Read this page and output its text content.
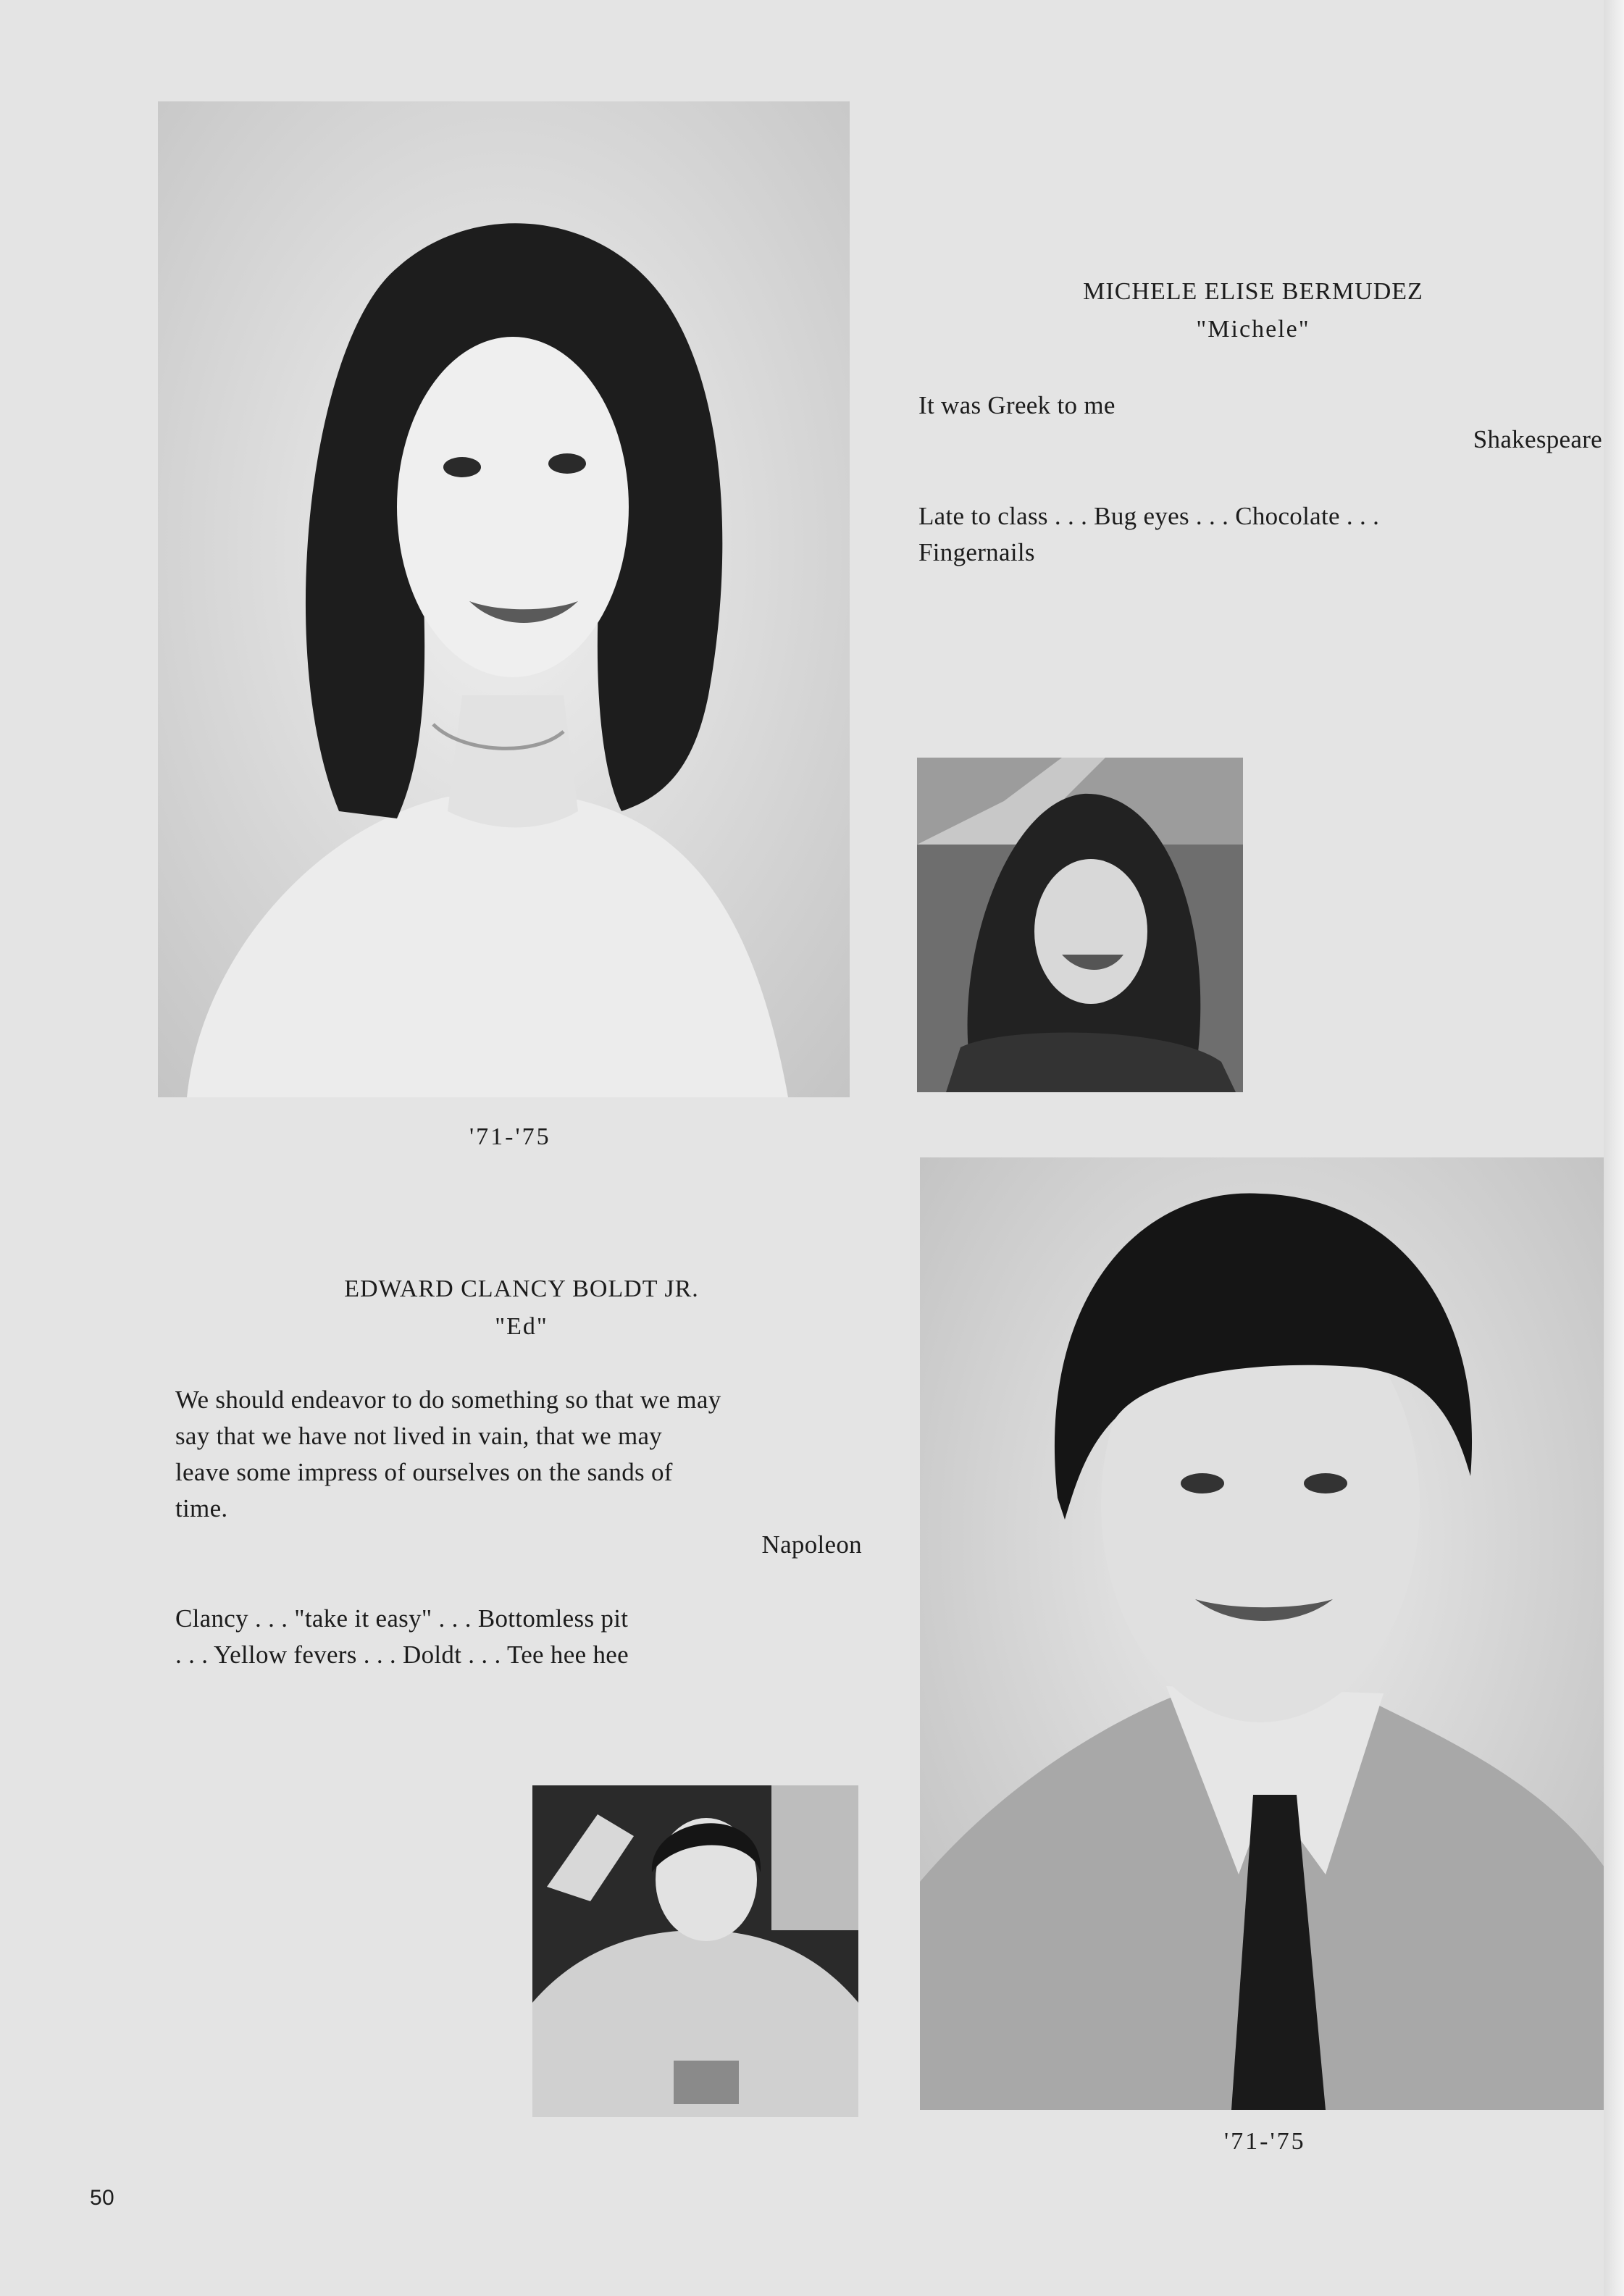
MICHELE ELISE BERMUDEZ
"Michele"
It was Greek to me
Shakespeare
Late to class . . . Bug eyes . . . Chocolate . . .
Fingernails
'71-'75
EDWARD CLANCY BOLDT JR.
"Ed"
We should endeavor to do something so that we may
say that we have not lived in vain, that we may
leave some impress of ourselves on the sands of
time.
Napoleon
Clancy . . . "take it easy" . . . Bottomless pit
. . . Yellow fevers . . . Doldt . . . Tee hee hee
'71-'75
50
